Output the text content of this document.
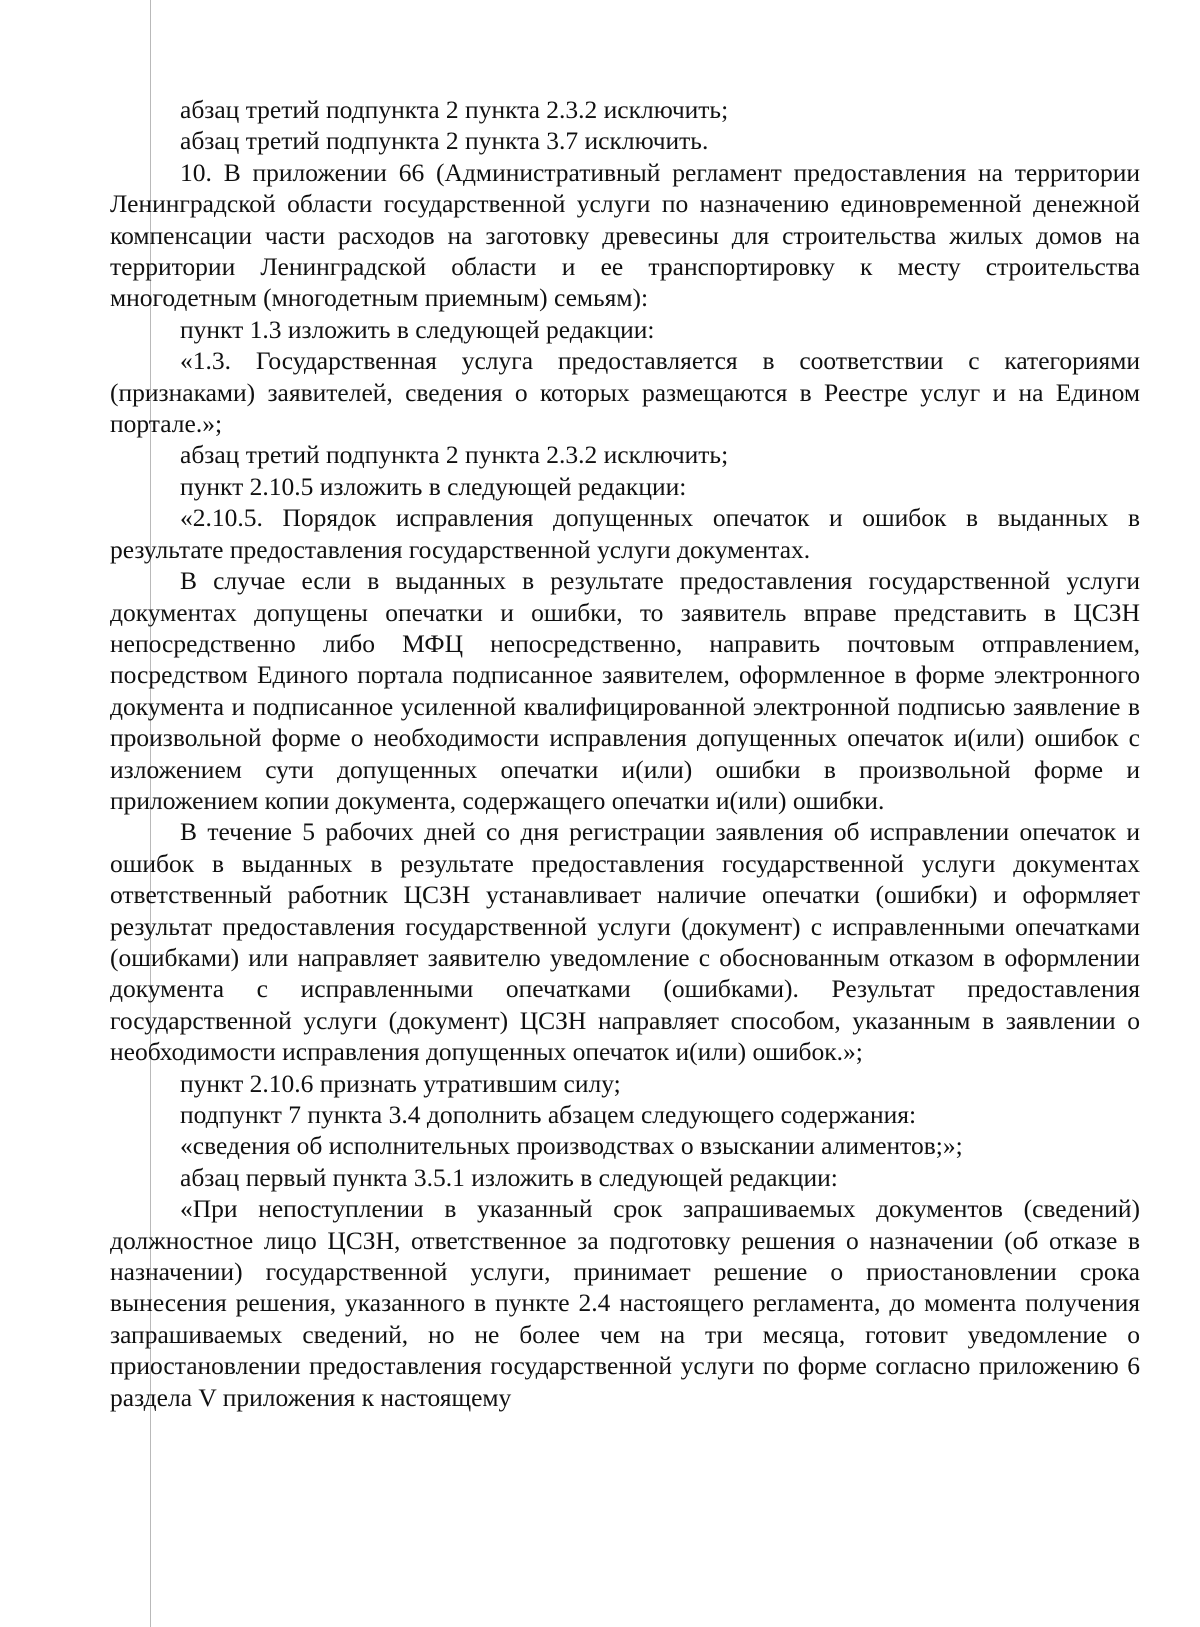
абзац третий подпункта 2 пункта 2.3.2 исключить;

абзац третий подпункта 2 пункта 3.7 исключить.

10. В приложении 66 (Административный регламент предоставления на территории Ленинградской области государственной услуги по назначению единовременной денежной компенсации части расходов на заготовку древесины для строительства жилых домов на территории Ленинградской области и ее транспортировку к месту строительства многодетным (многодетным приемным) семьям):

пункт 1.3 изложить в следующей редакции:

«1.3. Государственная услуга предоставляется в соответствии с категориями (признаками) заявителей, сведения о которых размещаются в Реестре услуг и на Едином портале.»;

абзац третий подпункта 2 пункта 2.3.2 исключить;

пункт 2.10.5 изложить в следующей редакции:

«2.10.5. Порядок исправления допущенных опечаток и ошибок в выданных в результате предоставления государственной услуги документах.

В случае если в выданных в результате предоставления государственной услуги документах допущены опечатки и ошибки, то заявитель вправе представить в ЦСЗН непосредственно либо МФЦ непосредственно, направить почтовым отправлением, посредством Единого портала подписанное заявителем, оформленное в форме электронного документа и подписанное усиленной квалифицированной электронной подписью заявление в произвольной форме о необходимости исправления допущенных опечаток и(или) ошибок с изложением сути допущенных опечатки и(или) ошибки в произвольной форме и приложением копии документа, содержащего опечатки и(или) ошибки.

В течение 5 рабочих дней со дня регистрации заявления об исправлении опечаток и ошибок в выданных в результате предоставления государственной услуги документах ответственный работник ЦСЗН устанавливает наличие опечатки (ошибки) и оформляет результат предоставления государственной услуги (документ) с исправленными опечатками (ошибками) или направляет заявителю уведомление с обоснованным отказом в оформлении документа с исправленными опечатками (ошибками). Результат предоставления государственной услуги (документ) ЦСЗН направляет способом, указанным в заявлении о необходимости исправления допущенных опечаток и(или) ошибок.»;

пункт 2.10.6 признать утратившим силу;

подпункт 7 пункта 3.4 дополнить абзацем следующего содержания:

«сведения об исполнительных производствах о взыскании алиментов;»;

абзац первый пункта 3.5.1 изложить в следующей редакции:

«При непоступлении в указанный срок запрашиваемых документов (сведений) должностное лицо ЦСЗН, ответственное за подготовку решения о назначении (об отказе в назначении) государственной услуги, принимает решение о приостановлении срока вынесения решения, указанного в пункте 2.4 настоящего регламента, до момента получения запрашиваемых сведений, но не более чем на три месяца, готовит уведомление о приостановлении предоставления государственной услуги по форме согласно приложению 6 раздела V приложения к настоящему
